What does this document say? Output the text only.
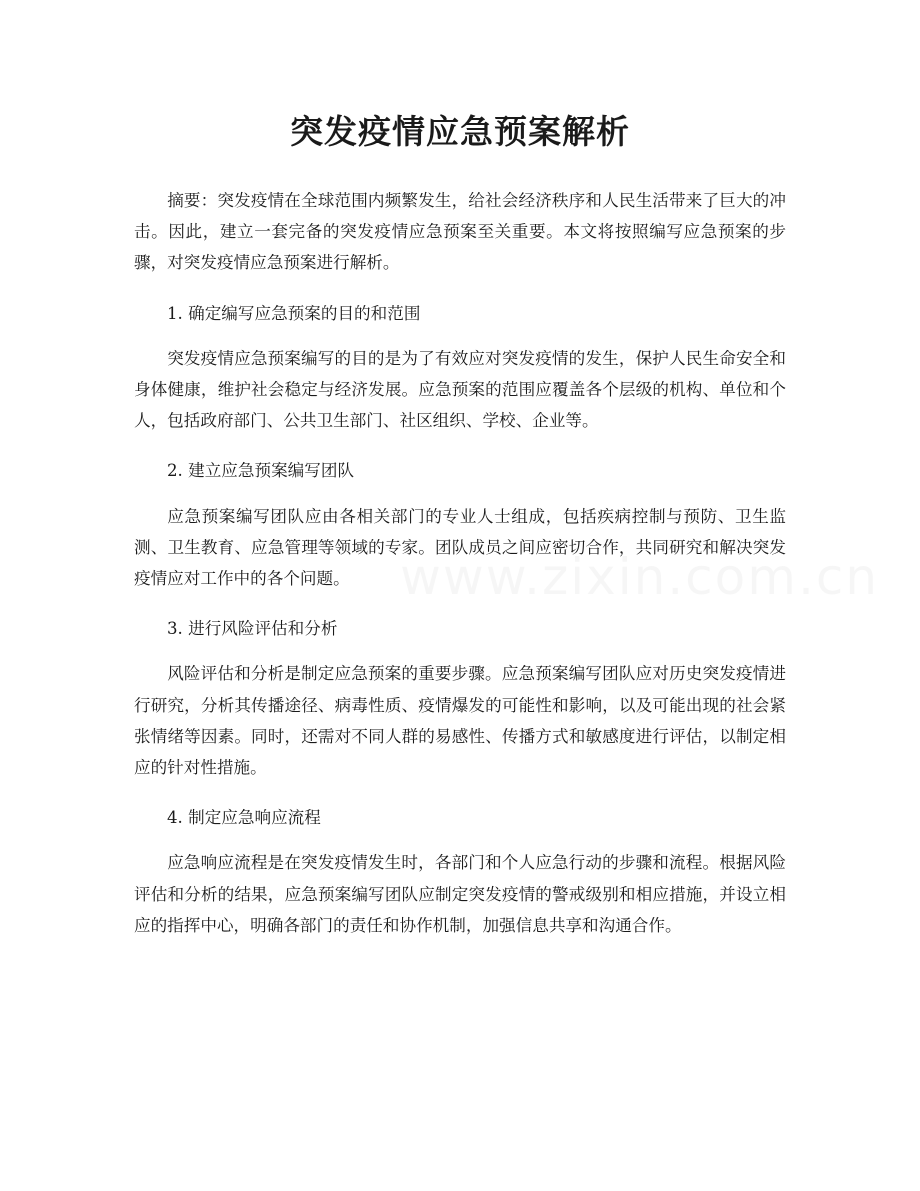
突发疫情应急预案解析

摘要：突发疫情在全球范围内频繁发生，给社会经济秩序和人民生活带来了巨大的冲击。因此，建立一套完备的突发疫情应急预案至关重要。本文将按照编写应急预案的步骤，对突发疫情应急预案进行解析。

1. 确定编写应急预案的目的和范围

突发疫情应急预案编写的目的是为了有效应对突发疫情的发生，保护人民生命安全和身体健康，维护社会稳定与经济发展。应急预案的范围应覆盖各个层级的机构、单位和个人，包括政府部门、公共卫生部门、社区组织、学校、企业等。

2. 建立应急预案编写团队

应急预案编写团队应由各相关部门的专业人士组成，包括疾病控制与预防、卫生监测、卫生教育、应急管理等领域的专家。团队成员之间应密切合作，共同研究和解决突发疫情应对工作中的各个问题。

3. 进行风险评估和分析

风险评估和分析是制定应急预案的重要步骤。应急预案编写团队应对历史突发疫情进行研究，分析其传播途径、病毒性质、疫情爆发的可能性和影响，以及可能出现的社会紧张情绪等因素。同时，还需对不同人群的易感性、传播方式和敏感度进行评估，以制定相应的针对性措施。

4. 制定应急响应流程

应急响应流程是在突发疫情发生时，各部门和个人应急行动的步骤和流程。根据风险评估和分析的结果，应急预案编写团队应制定突发疫情的警戒级别和相应措施，并设立相应的指挥中心，明确各部门的责任和协作机制，加强信息共享和沟通合作。
